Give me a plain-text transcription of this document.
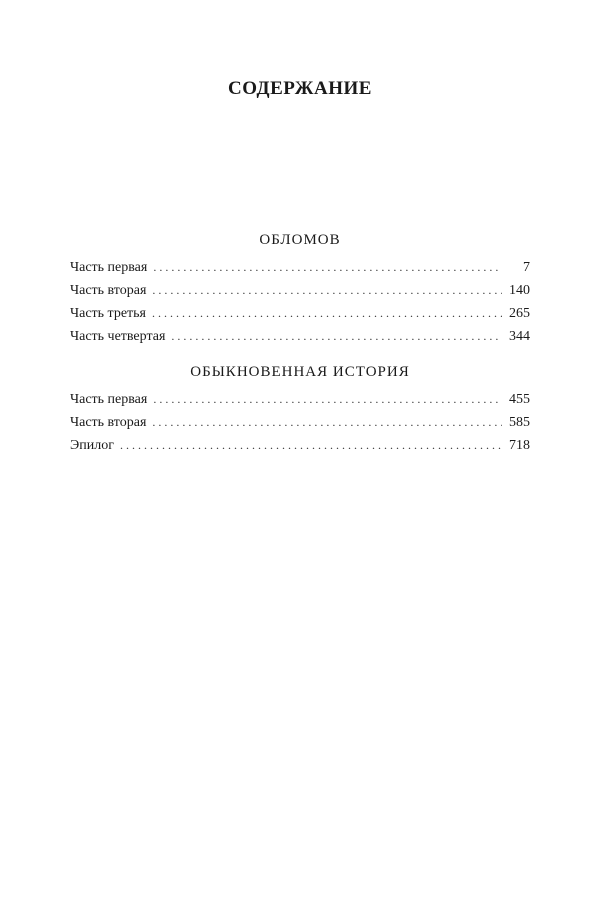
СОДЕРЖАНИЕ
ОБЛОМОВ
Часть первая . . .	7
Часть вторая . . .	140
Часть третья . . .	265
Часть четвертая . . .	344
ОБЫКНОВЕННАЯ ИСТОРИЯ
Часть первая . . .	455
Часть вторая . . .	585
Эпилог . . .	718
